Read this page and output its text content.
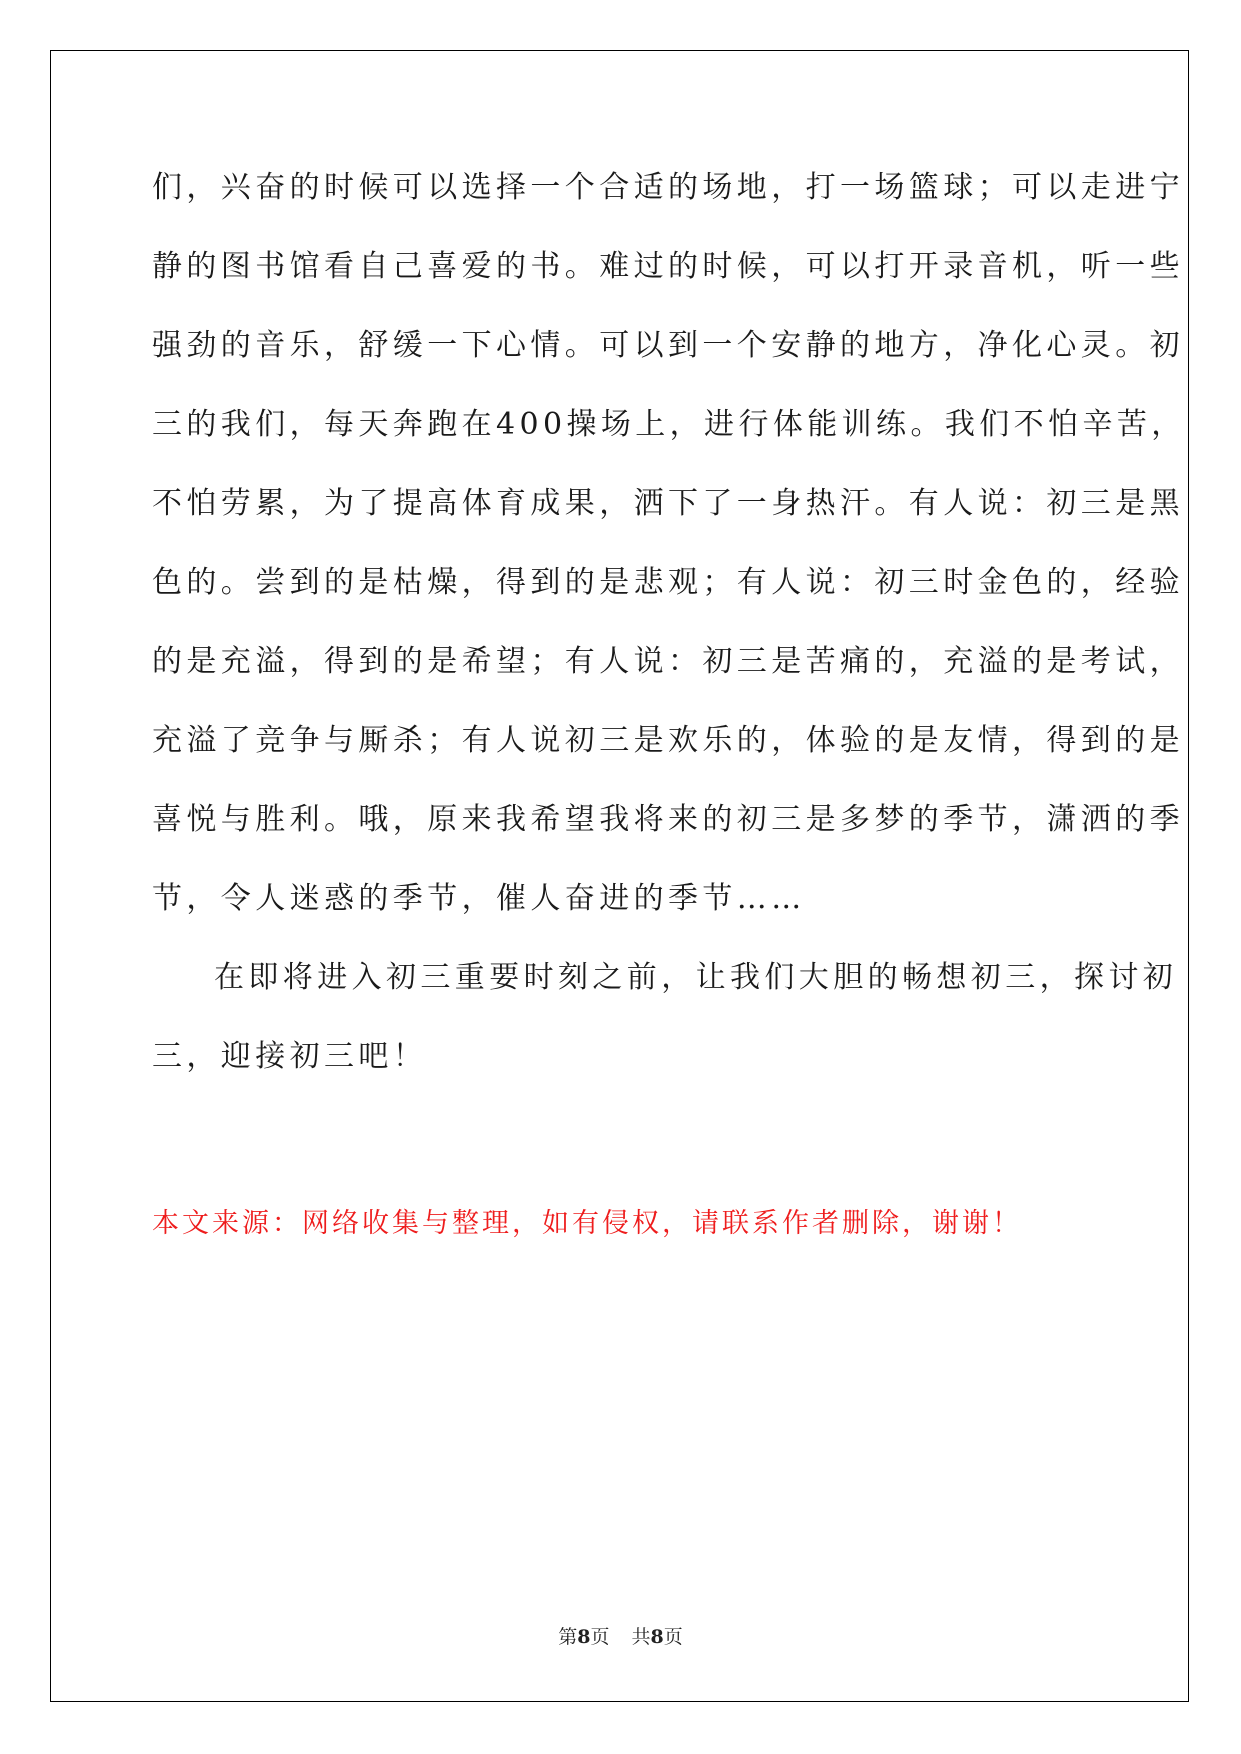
们，兴奋的时候可以选择一个合适的场地，打一场篮球；可以走进宁
静的图书馆看自己喜爱的书。难过的时候，可以打开录音机，听一些
强劲的音乐，舒缓一下心情。可以到一个安静的地方，净化心灵。初
三的我们，每天奔跑在400操场上，进行体能训练。我们不怕辛苦，
不怕劳累，为了提高体育成果，洒下了一身热汗。有人说：初三是黑
色的。尝到的是枯燥，得到的是悲观；有人说：初三时金色的，经验
的是充溢，得到的是希望；有人说：初三是苦痛的，充溢的是考试，
充溢了竞争与厮杀；有人说初三是欢乐的，体验的是友情，得到的是
喜悦与胜利。哦，原来我希望我将来的初三是多梦的季节，潇洒的季
节，令人迷惑的季节，催人奋进的季节……
在即将进入初三重要时刻之前，让我们大胆的畅想初三，探讨初
三，迎接初三吧！
本文来源：网络收集与整理，如有侵权，请联系作者删除，谢谢！
第8页 共8页
